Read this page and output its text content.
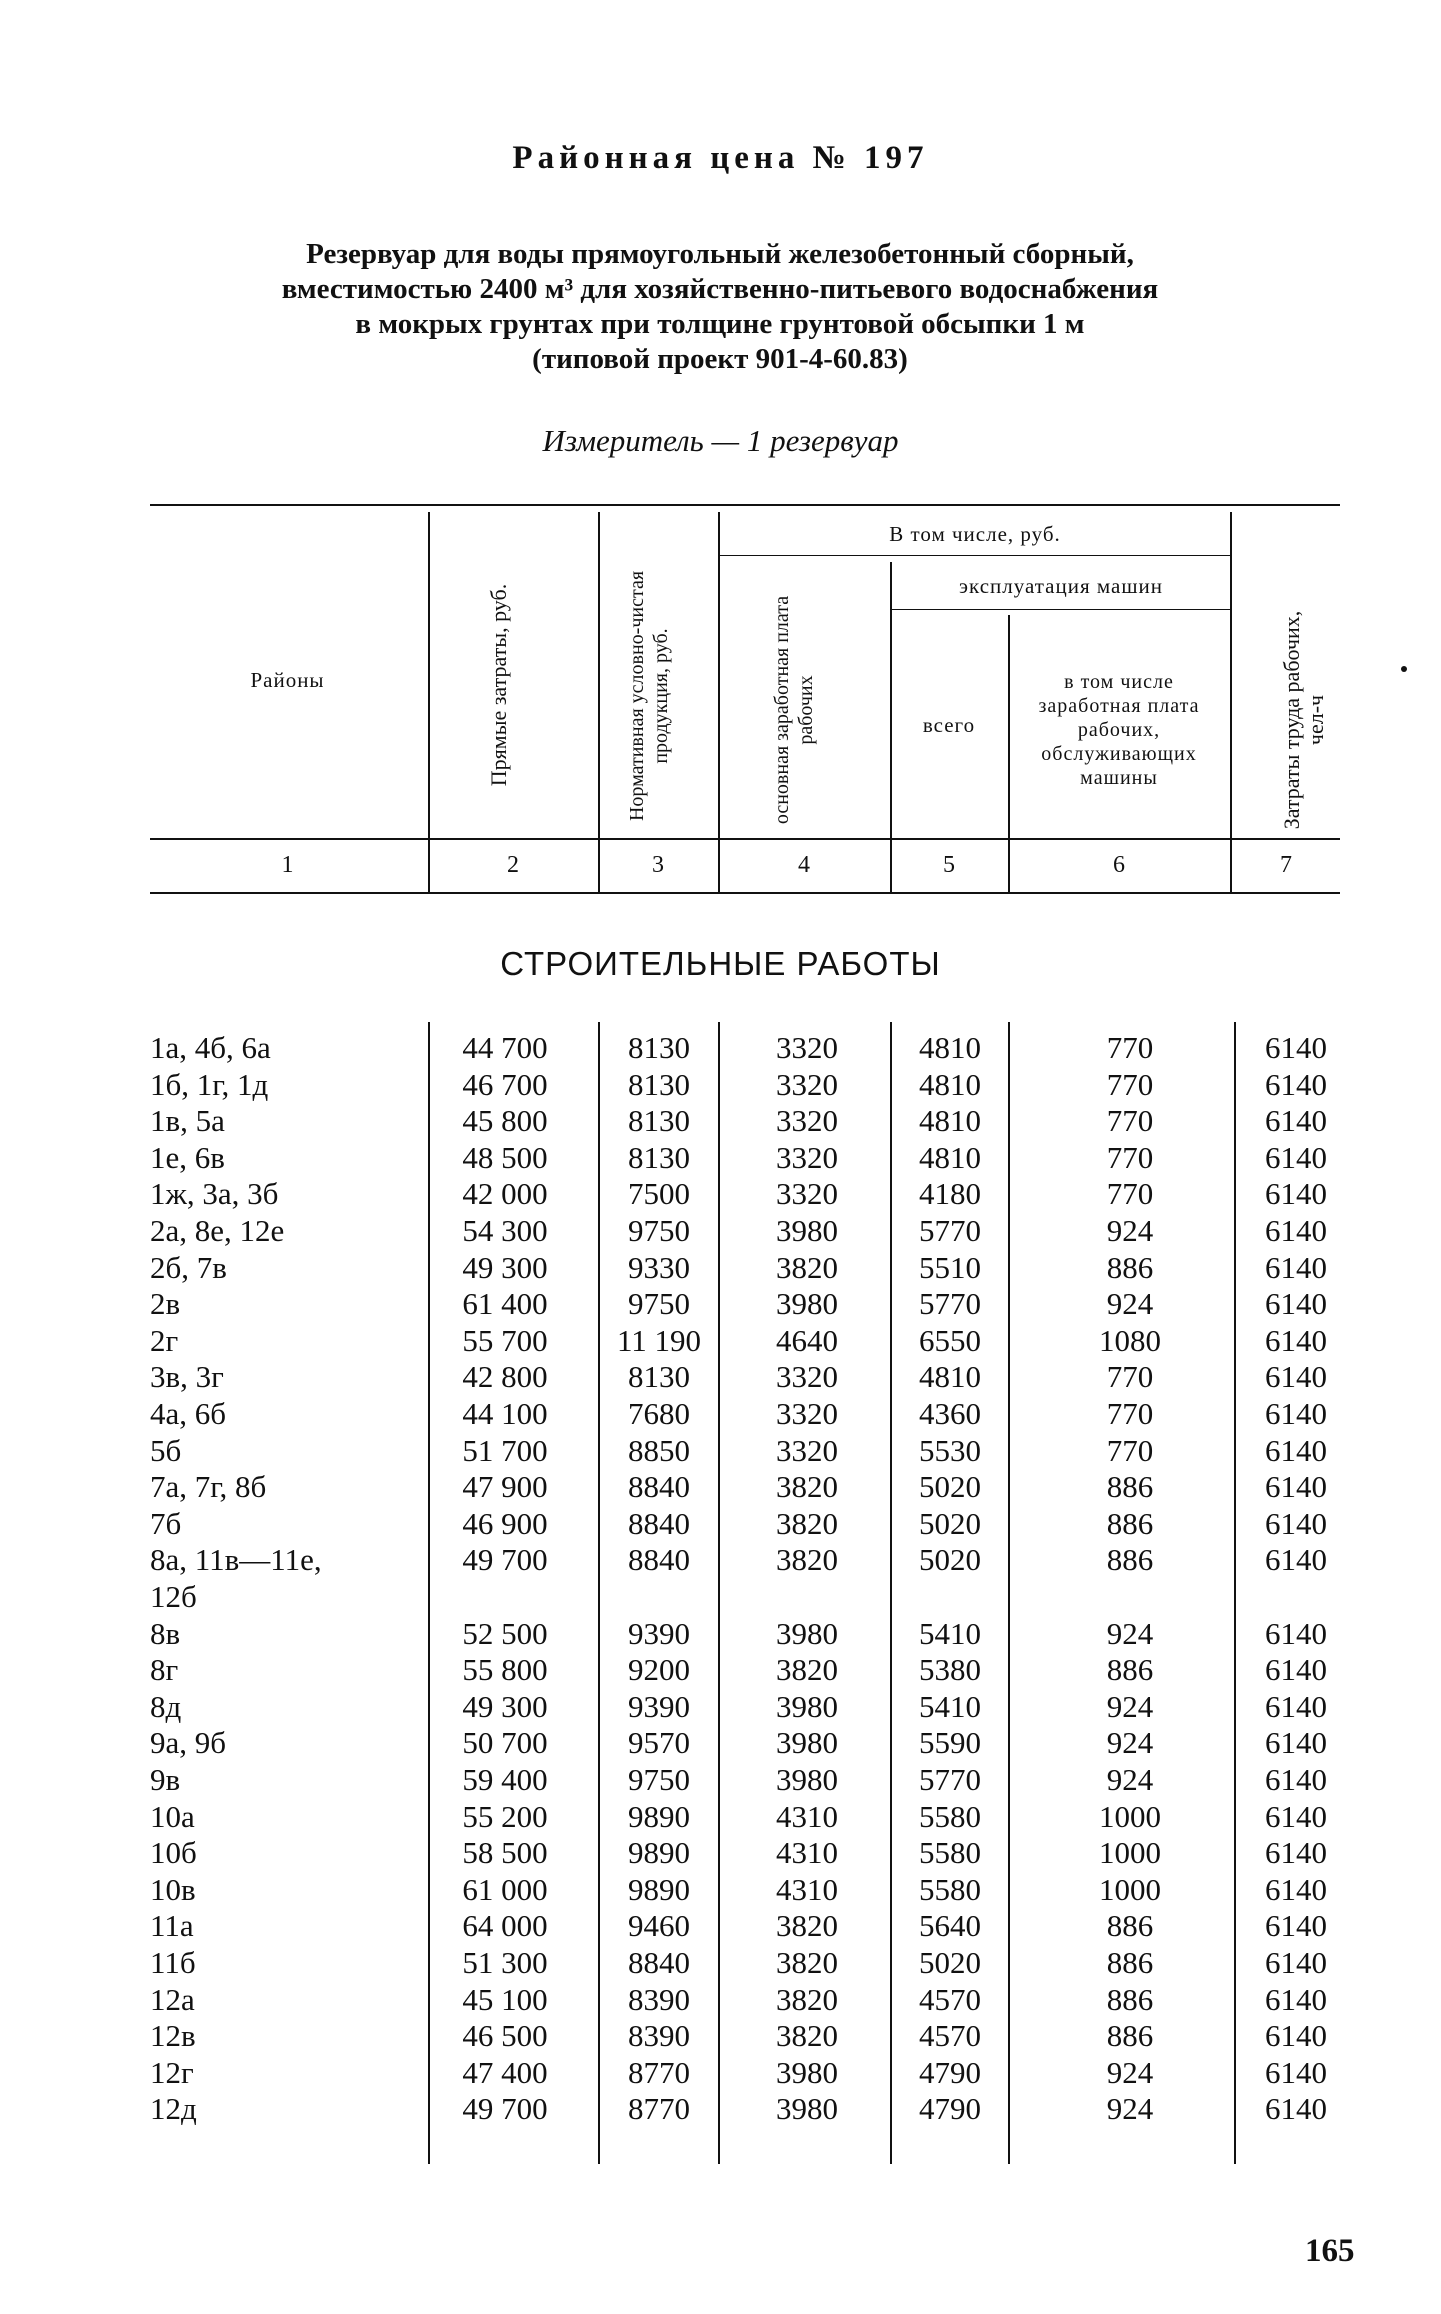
Районная цена № 197
Резервуар для воды прямоугольный железобетонный сборный,
вместимостью 2400 м³ для хозяйственно-питьевого водоснабжения
в мокрых грунтах при толщине грунтовой обсыпки 1 м
(типовой проект 901-4-60.83)
Измеритель — 1 резервуар
Районы	Прямые затраты, руб.	Нормативная условно-чистая продукция, руб.
В том числе, руб.
основная заработная плата рабочих
эксплуатация машин
всего
в том числе заработная плата рабочих, обслуживающих машины	Затраты труда рабочих, чел-ч
1	2	3	4	5	6	7
СТРОИТЕЛЬНЫЕ РАБОТЫ
1а, 4б, 6а	44 700	8130	3320	4810	770	6140
1б, 1г, 1д	46 700	8130	3320	4810	770	6140
1в, 5а	45 800	8130	3320	4810	770	6140
1е, 6в	48 500	8130	3320	4810	770	6140
1ж, 3а, 3б	42 000	7500	3320	4180	770	6140
2а, 8е, 12е	54 300	9750	3980	5770	924	6140
2б, 7в	49 300	9330	3820	5510	886	6140
2в	61 400	9750	3980	5770	924	6140
2г	55 700	11 190	4640	6550	1080	6140
3в, 3г	42 800	8130	3320	4810	770	6140
4а, 6б	44 100	7680	3320	4360	770	6140
5б	51 700	8850	3320	5530	770	6140
7а, 7г, 8б	47 900	8840	3820	5020	886	6140
7б	46 900	8840	3820	5020	886	6140
8а, 11в—11е,	49 700	8840	3820	5020	886	6140
12б
8в	52 500	9390	3980	5410	924	6140
8г	55 800	9200	3820	5380	886	6140
8д	49 300	9390	3980	5410	924	6140
9а, 9б	50 700	9570	3980	5590	924	6140
9в	59 400	9750	3980	5770	924	6140
10а	55 200	9890	4310	5580	1000	6140
10б	58 500	9890	4310	5580	1000	6140
10в	61 000	9890	4310	5580	1000	6140
11а	64 000	9460	3820	5640	886	6140
11б	51 300	8840	3820	5020	886	6140
12а	45 100	8390	3820	4570	886	6140
12в	46 500	8390	3820	4570	886	6140
12г	47 400	8770	3980	4790	924	6140
12д	49 700	8770	3980	4790	924	6140
165
